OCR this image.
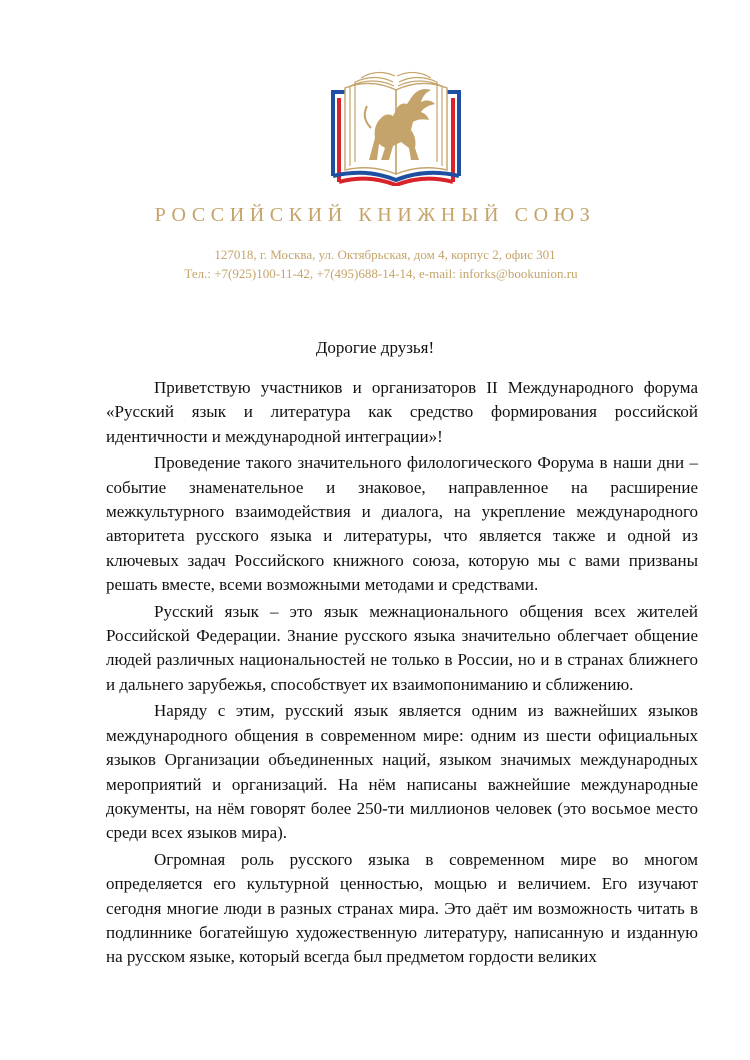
РОССИЙСКИЙ КНИЖНЫЙ СОЮЗ
127018, г. Москва, ул. Октябрьская, дом 4, корпус 2, офис 301
Тел.: +7(925)100-11-42, +7(495)688-14-14, e-mail: inforks@bookunion.ru
Дорогие друзья!

Приветствую участников и организаторов II Международного форума «Русский язык и литература как средство формирования российской идентичности и международной интеграции»!

Проведение такого значительного филологического Форума в наши дни – событие знаменательное и знаковое, направленное на расширение межкультурного взаимодействия и диалога, на укрепление международного авторитета русского языка и литературы, что является также и одной из ключевых задач Российского книжного союза, которую мы с вами призваны решать вместе, всеми возможными методами и средствами.

Русский язык – это язык межнационального общения всех жителей Российской Федерации. Знание русского языка значительно облегчает общение людей различных национальностей не только в России, но и в странах ближнего и дальнего зарубежья, способствует их взаимопониманию и сближению.

Наряду с этим, русский язык является одним из важнейших языков международного общения в современном мире: одним из шести официальных языков Организации объединенных наций, языком значимых международных мероприятий и организаций. На нём написаны важнейшие международные документы, на нём говорят более 250-ти миллионов человек (это восьмое место среди всех языков мира).

Огромная роль русского языка в современном мире во многом определяется его культурной ценностью, мощью и величием. Его изучают сегодня многие люди в разных странах мира. Это даёт им возможность читать в подлиннике богатейшую художественную литературу, написанную и изданную на русском языке, который всегда был предметом гордости великих
